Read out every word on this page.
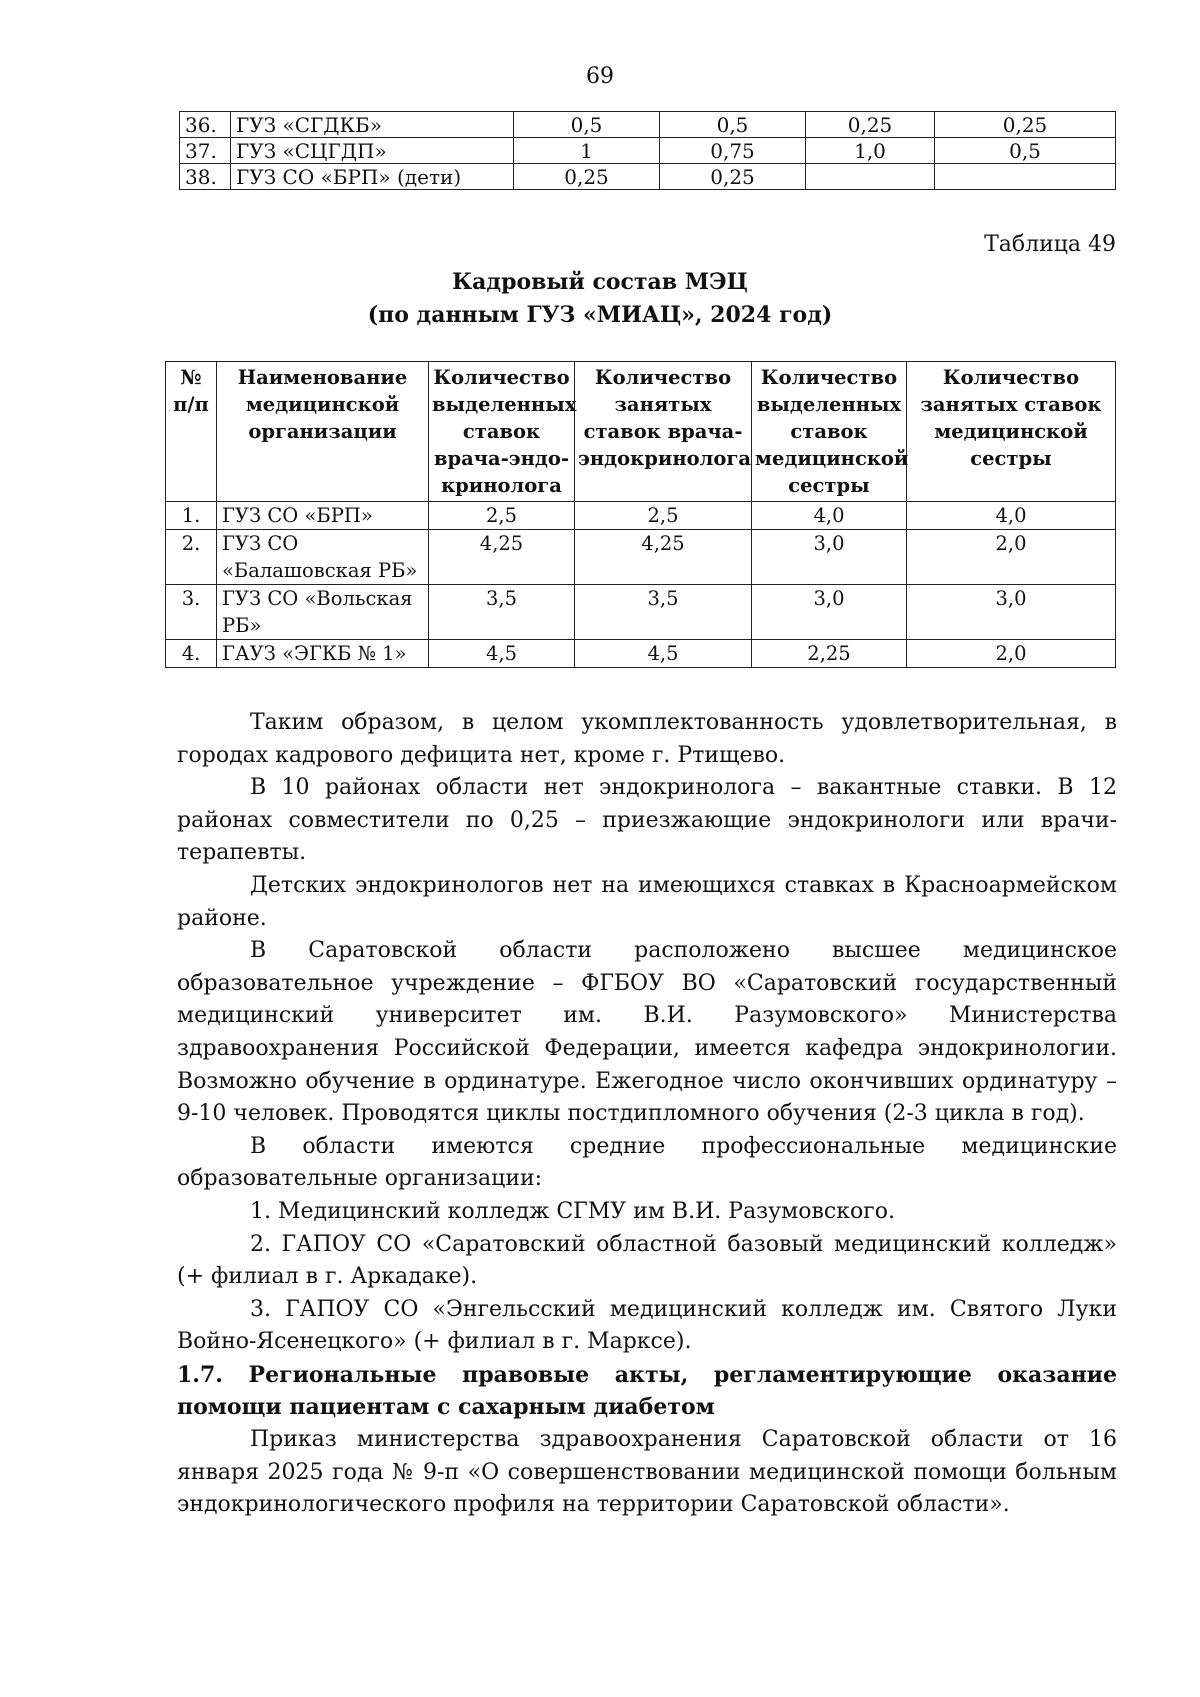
69
36.	ГУЗ «СГДКБ»	0,5	0,5	0,25	0,25
37.	ГУЗ «СЦГДП»	1	0,75	1,0	0,5
38.	ГУЗ СО «БРП» (дети)	0,25	0,25		
Таблица 49
Кадровый состав МЭЦ
(по данным ГУЗ «МИАЦ», 2024 год)
№ п/п	Наименование медицинской организации	Количество выделенных ставок врача-эндо-кринолога	Количество занятых ставок врача-эндокринолога	Количество выделенных ставок медицинской сестры	Количество занятых ставок медицинской сестры
1.	ГУЗ СО «БРП»	2,5	2,5	4,0	4,0
2.	ГУЗ СО «Балашовская РБ»	4,25	4,25	3,0	2,0
3.	ГУЗ СО «Вольская РБ»	3,5	3,5	3,0	3,0
4.	ГАУЗ «ЭГКБ № 1»	4,5	4,5	2,25	2,0

Таким образом, в целом укомплектованность удовлетворительная, в городах кадрового дефицита нет, кроме г. Ртищево.

В 10 районах области нет эндокринолога – вакантные ставки. В 12 районах совместители по 0,25 – приезжающие эндокринологи или врачи-терапевты.

Детских эндокринологов нет на имеющихся ставках в Красноармейском районе.

В Саратовской области расположено высшее медицинское образовательное учреждение – ФГБОУ ВО «Саратовский государственный медицинский университет им. В.И. Разумовского» Министерства здравоохранения Российской Федерации, имеется кафедра эндокринологии. Возможно обучение в ординатуре. Ежегодное число окончивших ординатуру – 9-10 человек. Проводятся циклы постдипломного обучения (2-3 цикла в год).

В области имеются средние профессиональные медицинские образовательные организации:

1. Медицинский колледж СГМУ им В.И. Разумовского.

2. ГАПОУ СО «Саратовский областной базовый медицинский колледж» (+ филиал в г. Аркадаке).

3. ГАПОУ СО «Энгельсский медицинский колледж им. Святого Луки Войно-Ясенецкого» (+ филиал в г. Марксе).

1.7. Региональные правовые акты, регламентирующие оказание помощи пациентам с сахарным диабетом

Приказ министерства здравоохранения Саратовской области от 16 января 2025 года № 9-п «О совершенствовании медицинской помощи больным эндокринологического профиля на территории Саратовской области».
